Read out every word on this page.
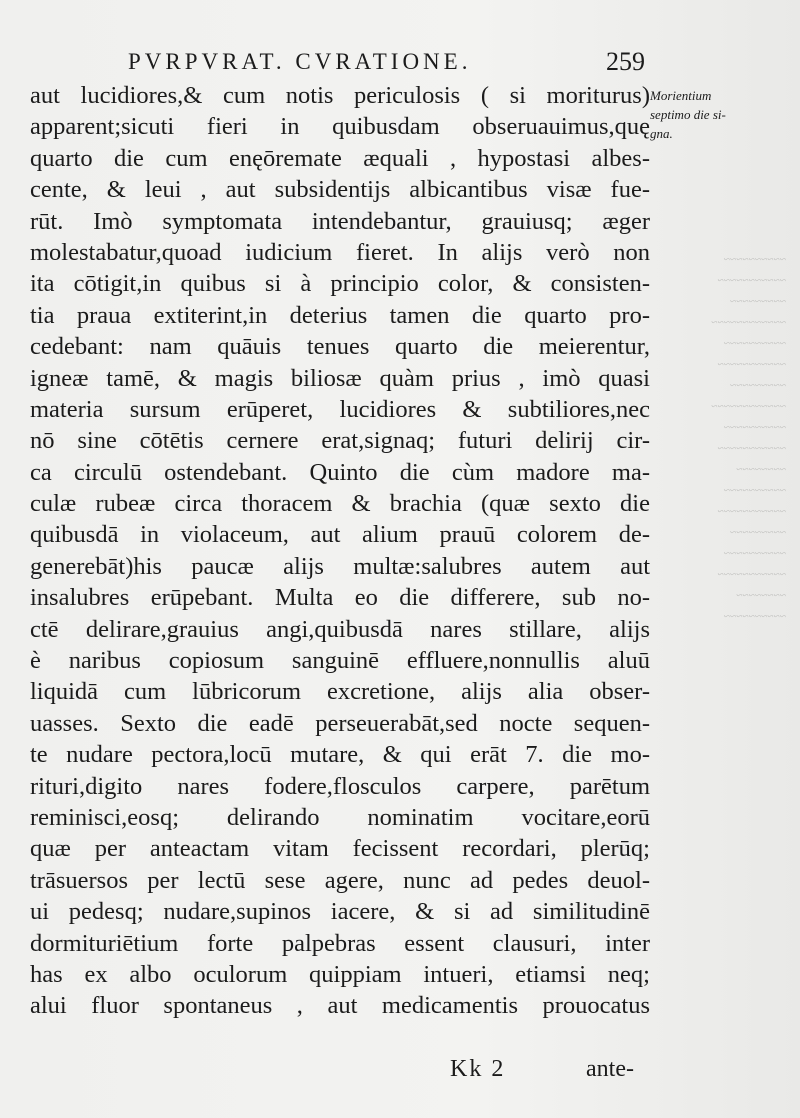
PVRPVRAT. CVRATIONE.	259
Morientium
septimo die si-
gna.
~~~~~~~~~~
~~~~~~~~~~~
~~~~~~~~~
~~~~~~~~~~~~
~~~~~~~~~~
~~~~~~~~~~~
~~~~~~~~~
~~~~~~~~~~~~
~~~~~~~~~~
~~~~~~~~~~~
~~~~~~~~
~~~~~~~~~~
~~~~~~~~~~~
~~~~~~~~~
~~~~~~~~~~
~~~~~~~~~~~
~~~~~~~~
~~~~~~~~~~
aut lucidiores,& cum notis periculosis ( si moriturus)
apparent;sicuti fieri in quibusdam obseruauimus,quę
quarto die cum enęōremate æquali , hypostasi albes-
cente, & leui , aut subsidentijs albicantibus visæ fue-
rūt. Imò symptomata intendebantur, grauiusq; æger
molestabatur,quoad iudicium fieret. In alijs verò non
ita cōtigit,in quibus si à principio color, & consisten-
tia praua extiterint,in deterius tamen die quarto pro-
cedebant: nam quāuis tenues quarto die meierentur,
igneæ tamē, & magis biliosæ quàm prius , imò quasi
materia sursum erūperet, lucidiores & subtiliores,nec
nō sine cōtētis cernere erat,signaq; futuri delirij cir-
ca circulū ostendebant. Quinto die cùm madore ma-
culæ rubeæ circa thoracem & brachia (quæ sexto die
quibusdā in violaceum, aut alium prauū colorem de-
generebāt)his paucæ alijs multæ:salubres autem aut
insalubres erūpebant. Multa eo die differere, sub no-
ctē delirare,grauius angi,quibusdā nares stillare, alijs
è naribus copiosum sanguinē effluere,nonnullis aluū
liquidā cum lūbricorum excretione, alijs alia obser-
uasses. Sexto die eadē perseuerabāt,sed nocte sequen-
te nudare pectora,locū mutare, & qui erāt 7. die mo-
rituri,digito nares fodere,flosculos carpere, parētum
reminisci,eosq; delirando nominatim vocitare,eorū
quæ per anteactam vitam fecissent recordari, plerūq;
trāsuersos per lectū sese agere, nunc ad pedes deuol-
ui pedesq; nudare,supinos iacere, & si ad similitudinē
dormituriētium forte palpebras essent clausuri, inter
has ex albo oculorum quippiam intueri, etiamsi neq;
alui fluor spontaneus , aut medicamentis prouocatus
Kk 2	ante-
